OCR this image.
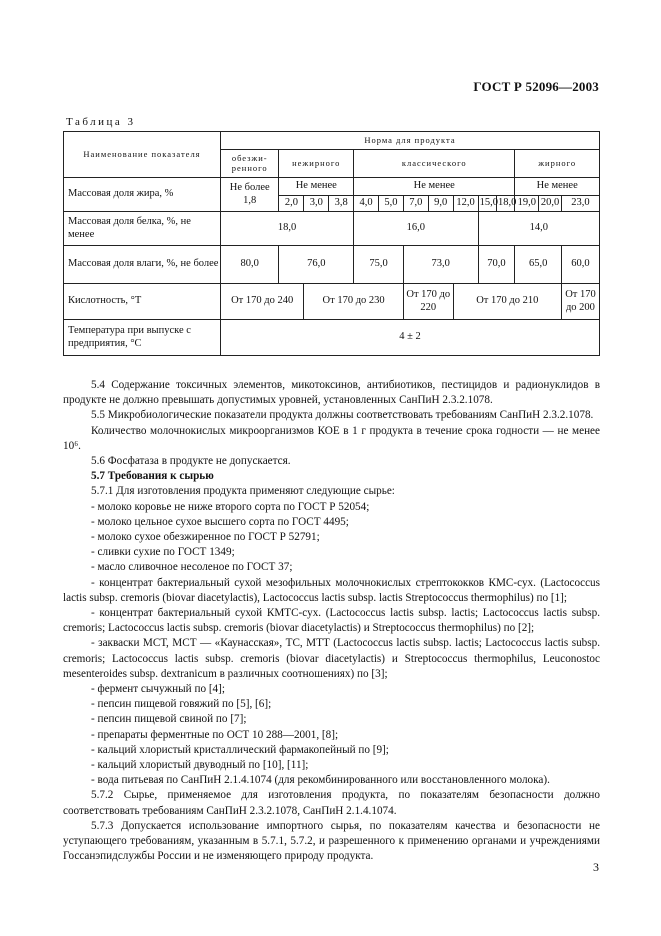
ГОСТ Р 52096—2003
Таблица 3
Наименование показателя	Норма для продукта													
	обезжи-ренного	нежирного			классического							жирного		
Массовая доля жира, %	Не более 1,8	Не менее			Не менее							Не менее		
		2,0	3,0	3,8	4,0	5,0	7,0	9,0	12,0	15,0	18,0	19,0	20,0	23,0
Массовая доля белка, %, не менее	18,0				16,0					14,0				
Массовая доля влаги, %, не более	80,0	76,0			75,0		73,0			70,0		65,0		60,0
Кислотность, °Т	От 170 до 240		От 170 до 230				От 170 до 220		От 170 до 210					От 170 до 200
Температура при выпуске с предприятия, °С	4 ± 2													

5.4 Содержание токсичных элементов, микотоксинов, антибиотиков, пестицидов и радионуклидов в продукте не должно превышать допустимых уровней, установленных СанПиН 2.3.2.1078.

5.5 Микробиологические показатели продукта должны соответствовать требованиям СанПиН 2.3.2.1078.

Количество молочнокислых микроорганизмов КОЕ в 1 г продукта в течение срока годности — не менее 10⁶.

5.6 Фосфатаза в продукте не допускается.

5.7 Требования к сырью

5.7.1 Для изготовления продукта применяют следующие сырье:

- молоко коровье не ниже второго сорта по ГОСТ Р 52054;

- молоко цельное сухое высшего сорта по ГОСТ 4495;

- молоко сухое обезжиренное по ГОСТ Р 52791;

- сливки сухие по ГОСТ 1349;

- масло сливочное несоленое по ГОСТ 37;

- концентрат бактериальный сухой мезофильных молочнокислых стрептококков КМС-сух. (Lactococcus lactis subsp. cremoris (biovar diacetylactis), Lactococcus lactis subsp. lactis Streptococcus thermophilus) по [1];

- концентрат бактериальный сухой КМТС-сух. (Lactococcus lactis subsp. lactis; Lactococcus lactis subsp. cremoris; Lactococcus lactis subsp. cremoris (biovar diacetylactis) и Streptococcus thermophilus) по [2];

- закваски МСТ, МСТ — «Каунасская», ТС, МТТ (Lactococcus lactis subsp. lactis; Lactococcus lactis subsp. cremoris; Lactococcus lactis subsp. cremoris (biovar diacetylactis) и Streptococcus thermophilus, Leuconostoc mesenteroides subsp. dextranicum в различных соотношениях) по [3];

- фермент сычужный по [4];

- пепсин пищевой говяжий по [5], [6];

- пепсин пищевой свиной по [7];

- препараты ферментные по ОСТ 10 288—2001, [8];

- кальций хлористый кристаллический фармакопейный по [9];

- кальций хлористый двуводный по [10], [11];

- вода питьевая по СанПиН 2.1.4.1074 (для рекомбинированного или восстановленного молока).

5.7.2 Сырье, применяемое для изготовления продукта, по показателям безопасности должно соответствовать требованиям СанПиН 2.3.2.1078, СанПиН 2.1.4.1074.

5.7.3 Допускается использование импортного сырья, по показателям качества и безопасности не уступающего требованиям, указанным в 5.7.1, 5.7.2, и разрешенного к применению органами и учреждениями Госсанэпидслужбы России и не изменяющего природу продукта.

3
